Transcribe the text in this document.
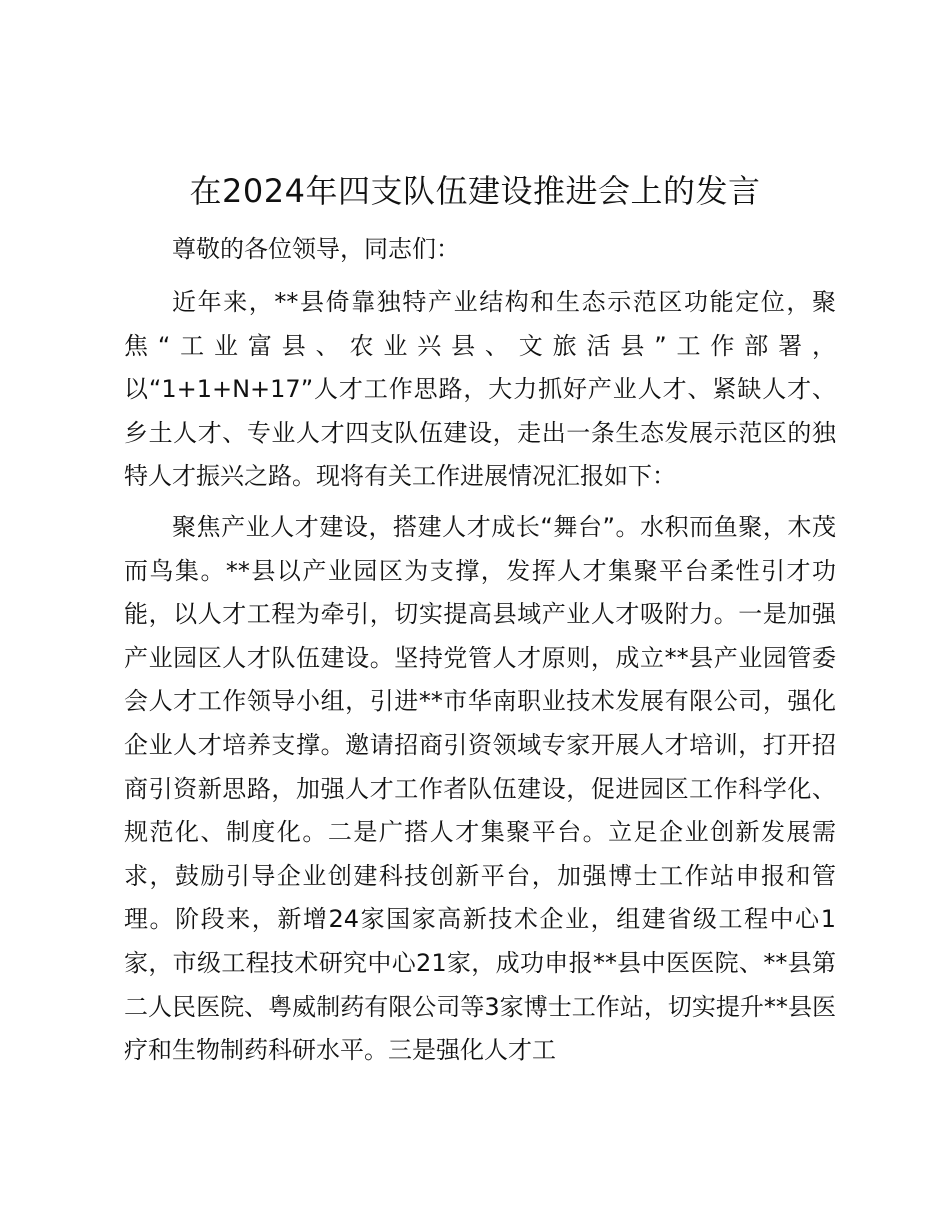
在2024年四支队伍建设推进会上的发言
尊敬的各位领导，同志们：

近年来，**县倚靠独特产业结构和生态示范区功能定位，聚焦“工业富县、农业兴县、文旅活县”工作部署，以“1+1+N+17”人才工作思路，大力抓好产业人才、紧缺人才、乡土人才、专业人才四支队伍建设，走出一条生态发展示范区的独特人才振兴之路。现将有关工作进展情况汇报如下：

聚焦产业人才建设，搭建人才成长“舞台”。水积而鱼聚，木茂而鸟集。**县以产业园区为支撑，发挥人才集聚平台柔性引才功能，以人才工程为牵引，切实提高县域产业人才吸附力。一是加强产业园区人才队伍建设。坚持党管人才原则，成立**县产业园管委会人才工作领导小组，引进**市华南职业技术发展有限公司，强化企业人才培养支撑。邀请招商引资领域专家开展人才培训，打开招商引资新思路，加强人才工作者队伍建设，促进园区工作科学化、规范化、制度化。二是广搭人才集聚平台。立足企业创新发展需求，鼓励引导企业创建科技创新平台，加强博士工作站申报和管理。阶段来，新增24家国家高新技术企业，组建省级工程中心1家，市级工程技术研究中心21家，成功申报**县中医医院、**县第二人民医院、粤威制药有限公司等3家博士工作站，切实提升**县医疗和生物制药科研水平。三是强化人才工
